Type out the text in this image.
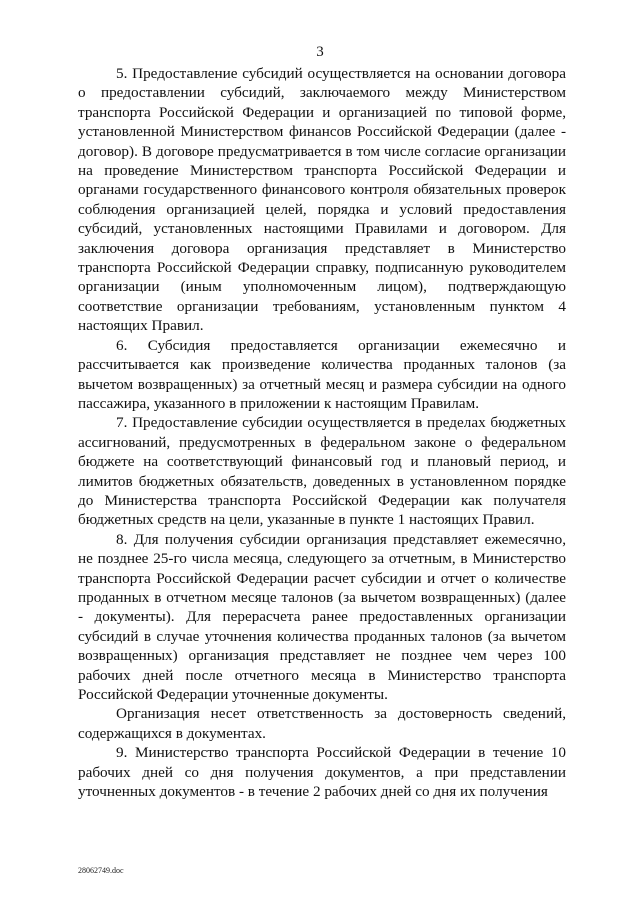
3

5. Предоставление субсидий осуществляется на основании договора о предоставлении субсидий, заключаемого между Министерством транспорта Российской Федерации и организацией по типовой форме, установленной Министерством финансов Российской Федерации (далее - договор). В договоре предусматривается в том числе согласие организации на проведение Министерством транспорта Российской Федерации и органами государственного финансового контроля обязательных проверок соблюдения организацией целей, порядка и условий предоставления субсидий, установленных настоящими Правилами и договором. Для заключения договора организация представляет в Министерство транспорта Российской Федерации справку, подписанную руководителем организации (иным уполномоченным лицом), подтверждающую соответствие организации требованиям, установленным пунктом 4 настоящих Правил.

6. Субсидия предоставляется организации ежемесячно и рассчитывается как произведение количества проданных талонов (за вычетом возвращенных) за отчетный месяц и размера субсидии на одного пассажира, указанного в приложении к настоящим Правилам.

7. Предоставление субсидии осуществляется в пределах бюджетных ассигнований, предусмотренных в федеральном законе о федеральном бюджете на соответствующий финансовый год и плановый период, и лимитов бюджетных обязательств, доведенных в установленном порядке до Министерства транспорта Российской Федерации как получателя бюджетных средств на цели, указанные в пункте 1 настоящих Правил.

8. Для получения субсидии организация представляет ежемесячно, не позднее 25-го числа месяца, следующего за отчетным, в Министерство транспорта Российской Федерации расчет субсидии и отчет о количестве проданных в отчетном месяце талонов (за вычетом возвращенных) (далее - документы). Для перерасчета ранее предоставленных организации субсидий в случае уточнения количества проданных талонов (за вычетом возвращенных) организация представляет не позднее чем через 100 рабочих дней после отчетного месяца в Министерство транспорта Российской Федерации уточненные документы.

Организация несет ответственность за достоверность сведений, содержащихся в документах.

9. Министерство транспорта Российской Федерации в течение 10 рабочих дней со дня получения документов, а при представлении уточненных документов - в течение 2 рабочих дней со дня их получения

28062749.doc
